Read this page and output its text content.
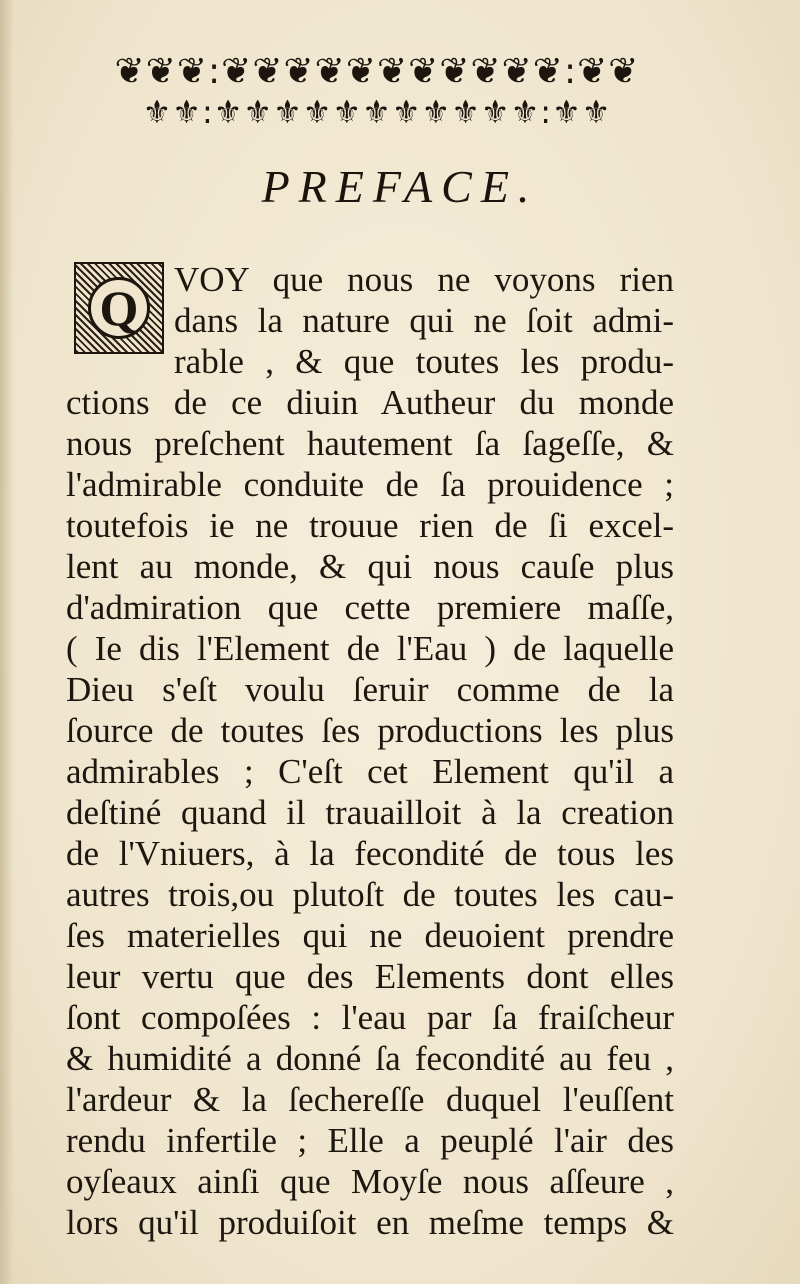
❦❦❦:❦❦❦❦❦❦❦❦❦❦❦:❦❦
⚜⚜:⚜⚜⚜⚜⚜⚜⚜⚜⚜⚜⚜:⚜⚜
PREFACE.
Q
VOY que nous ne voyons rien
dans la nature qui ne ſoit admi-
rable , & que toutes les produ-
ctions de ce diuin Autheur du monde
nous preſchent hautement ſa ſageſſe, &
l'admirable conduite de ſa prouidence ;
toutefois ie ne trouue rien de ſi excel-
lent au monde, & qui nous cauſe plus
d'admiration que cette premiere maſſe,
( Ie dis l'Element de l'Eau ) de laquelle
Dieu s'eſt voulu ſeruir comme de la
ſource de toutes ſes productions les plus
admirables ; C'eſt cet Element qu'il a
deſtiné quand il trauailloit à la creation
de l'Vniuers, à la fecondité de tous les
autres trois,ou plutoſt de toutes les cau-
ſes materielles qui ne deuoient prendre
leur vertu que des Elements dont elles
ſont compoſées : l'eau par ſa fraiſcheur
& humidité a donné ſa fecondité au feu ,
l'ardeur & la ſechereſſe duquel l'euſſent
rendu infertile ; Elle a peuplé l'air des
oyſeaux ainſi que Moyſe nous aſſeure ,
lors qu'il produiſoit en meſme temps &
